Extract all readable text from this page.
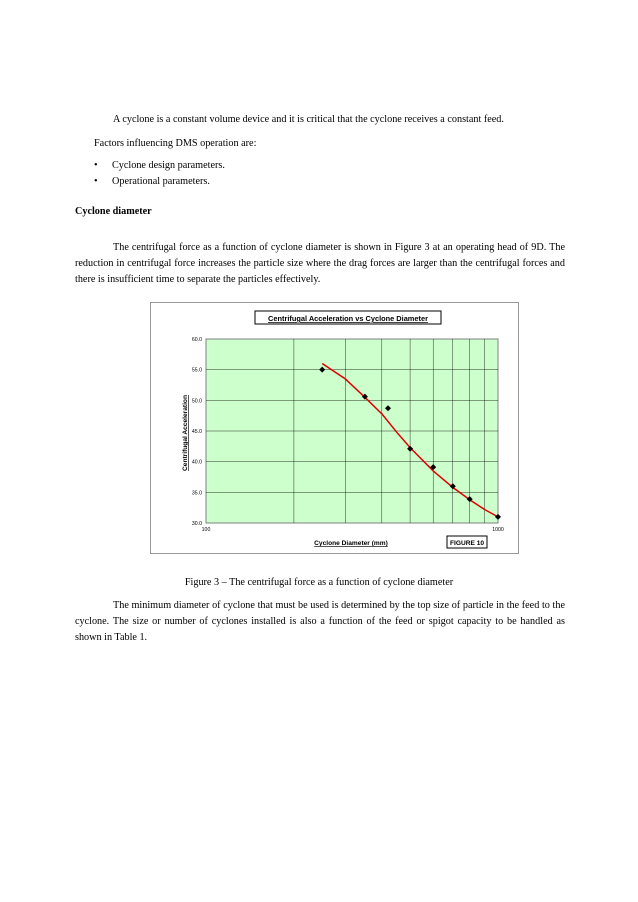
A cyclone is a constant volume device and it is critical that the cyclone receives a constant feed.
Factors influencing DMS operation are:
• Cyclone design parameters.
• Operational parameters.
Cyclone diameter
The centrifugal force as a function of cyclone diameter is shown in Figure 3 at an operating head of 9D. The reduction in centrifugal force increases the particle size where the drag forces are larger than the centrifugal forces and there is insufficient time to separate the particles effectively.
Centrifugal Acceleration vs Cyclone Diameter
30.0
35.0
40.0
45.0
50.0
55.0
60.0
100	1000
Centrifugal Acceleration
Cyclone Diameter (mm)	FIGURE 10
Figure 3 – The centrifugal force as a function of cyclone diameter
The minimum diameter of cyclone that must be used is determined by the top size of particle in the feed to the cyclone. The size or number of cyclones installed is also a function of the feed or spigot capacity to be handled as shown in Table 1.
